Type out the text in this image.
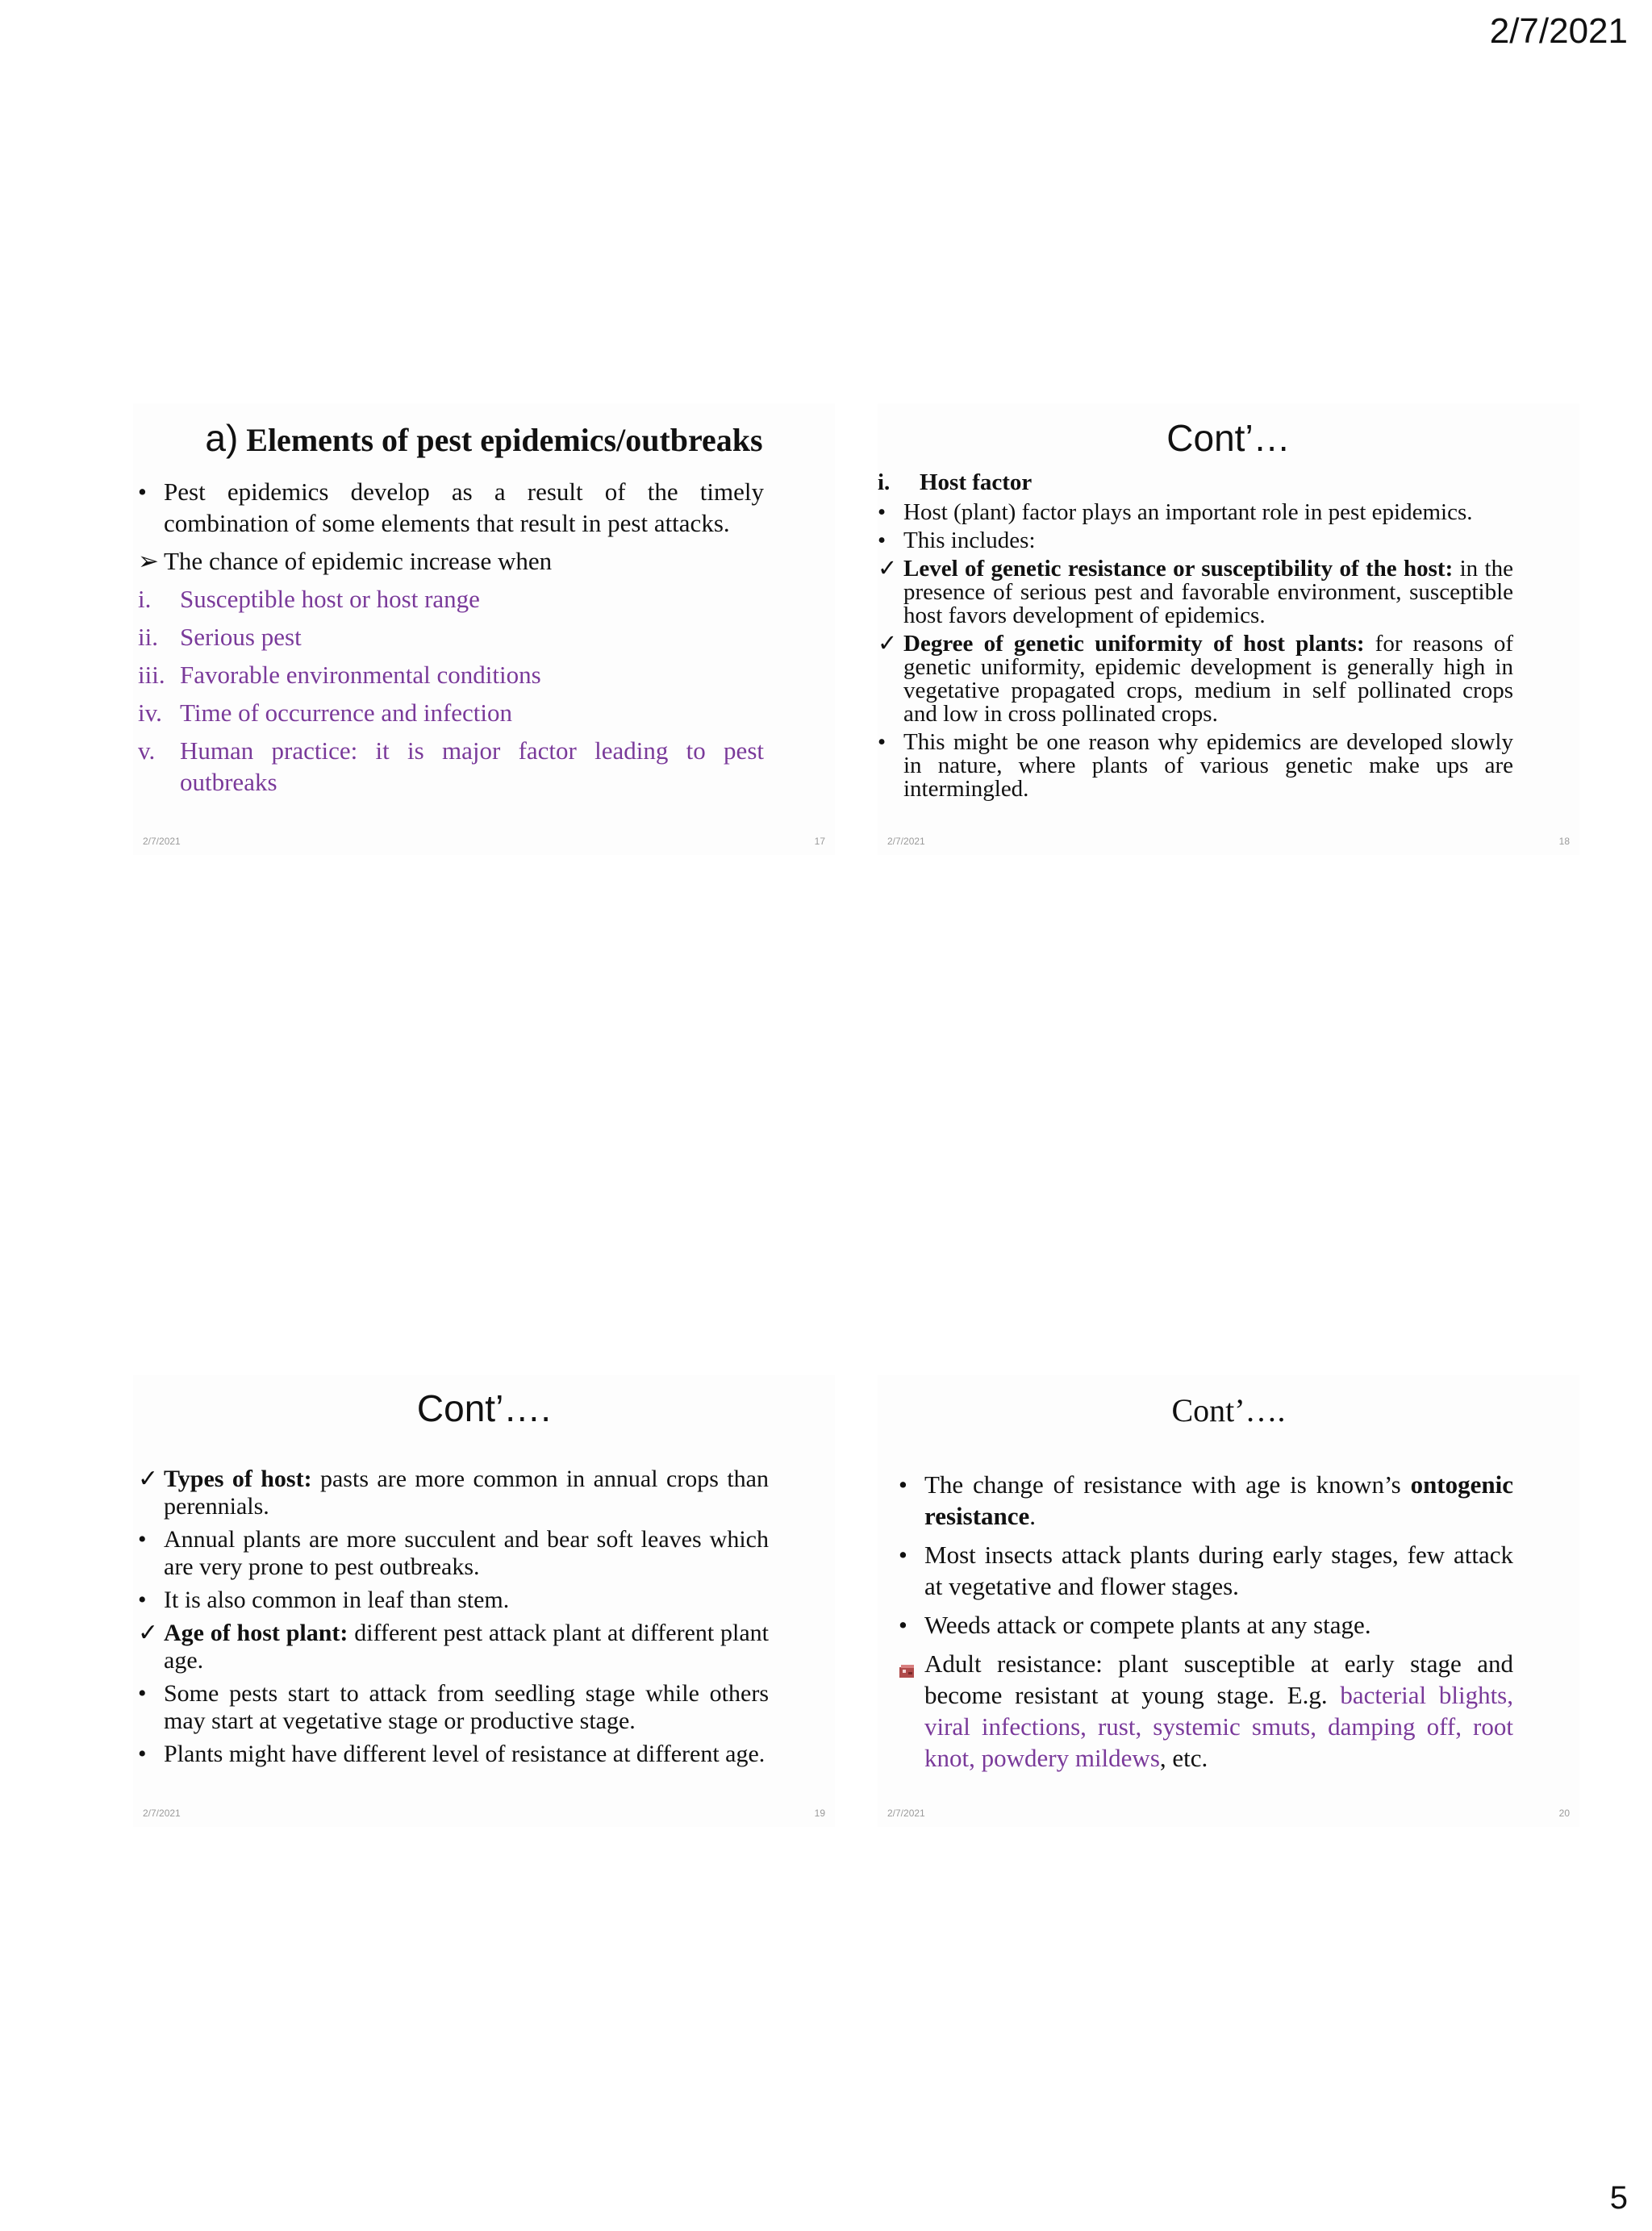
2/7/2021
a) Elements of pest epidemics/outbreaks
• Pest epidemics develop as a result of the timely combination of some elements that result in pest attacks.
➢ The chance of epidemic increase when
i.	Susceptible host or host range
ii. Serious pest
iii. Favorable environmental conditions
iv. Time of occurrence and infection
v. Human practice: it is major factor leading to pest outbreaks
2/7/2021	17
Cont’…
i.	Host factor
• Host (plant) factor plays an important role in pest epidemics.
• This includes:
✓ Level of genetic resistance or susceptibility of the host: in the presence of serious pest and favorable environment, susceptible host favors development of epidemics.
✓ Degree of genetic uniformity of host plants: for reasons of genetic uniformity, epidemic development is generally high in vegetative propagated crops, medium in self pollinated crops and low in cross pollinated crops.
• This might be one reason why epidemics are developed slowly in nature, where plants of various genetic make ups are intermingled.
2/7/2021	18
Cont’….
✓ Types of host: pasts are more common in annual crops than perennials.
• Annual plants are more succulent and bear soft leaves which are very prone to pest outbreaks.
• It is also common in leaf than stem.
✓ Age of host plant: different pest attack plant at different plant age.
• Some pests start to attack from seedling stage while others may start at vegetative stage or productive stage.
• Plants might have different level of resistance at different age.
2/7/2021	19
Cont’….
• The change of resistance with age is known’s ontogenic resistance.
• Most insects attack plants during early stages, few attack at vegetative and flower stages.
• Weeds attack or compete plants at any stage.
Adult resistance: plant susceptible at early stage and become resistant at young stage. E.g. bacterial blights, viral infections, rust, systemic smuts, damping off, root knot, powdery mildews, etc.
2/7/2021	20
5
